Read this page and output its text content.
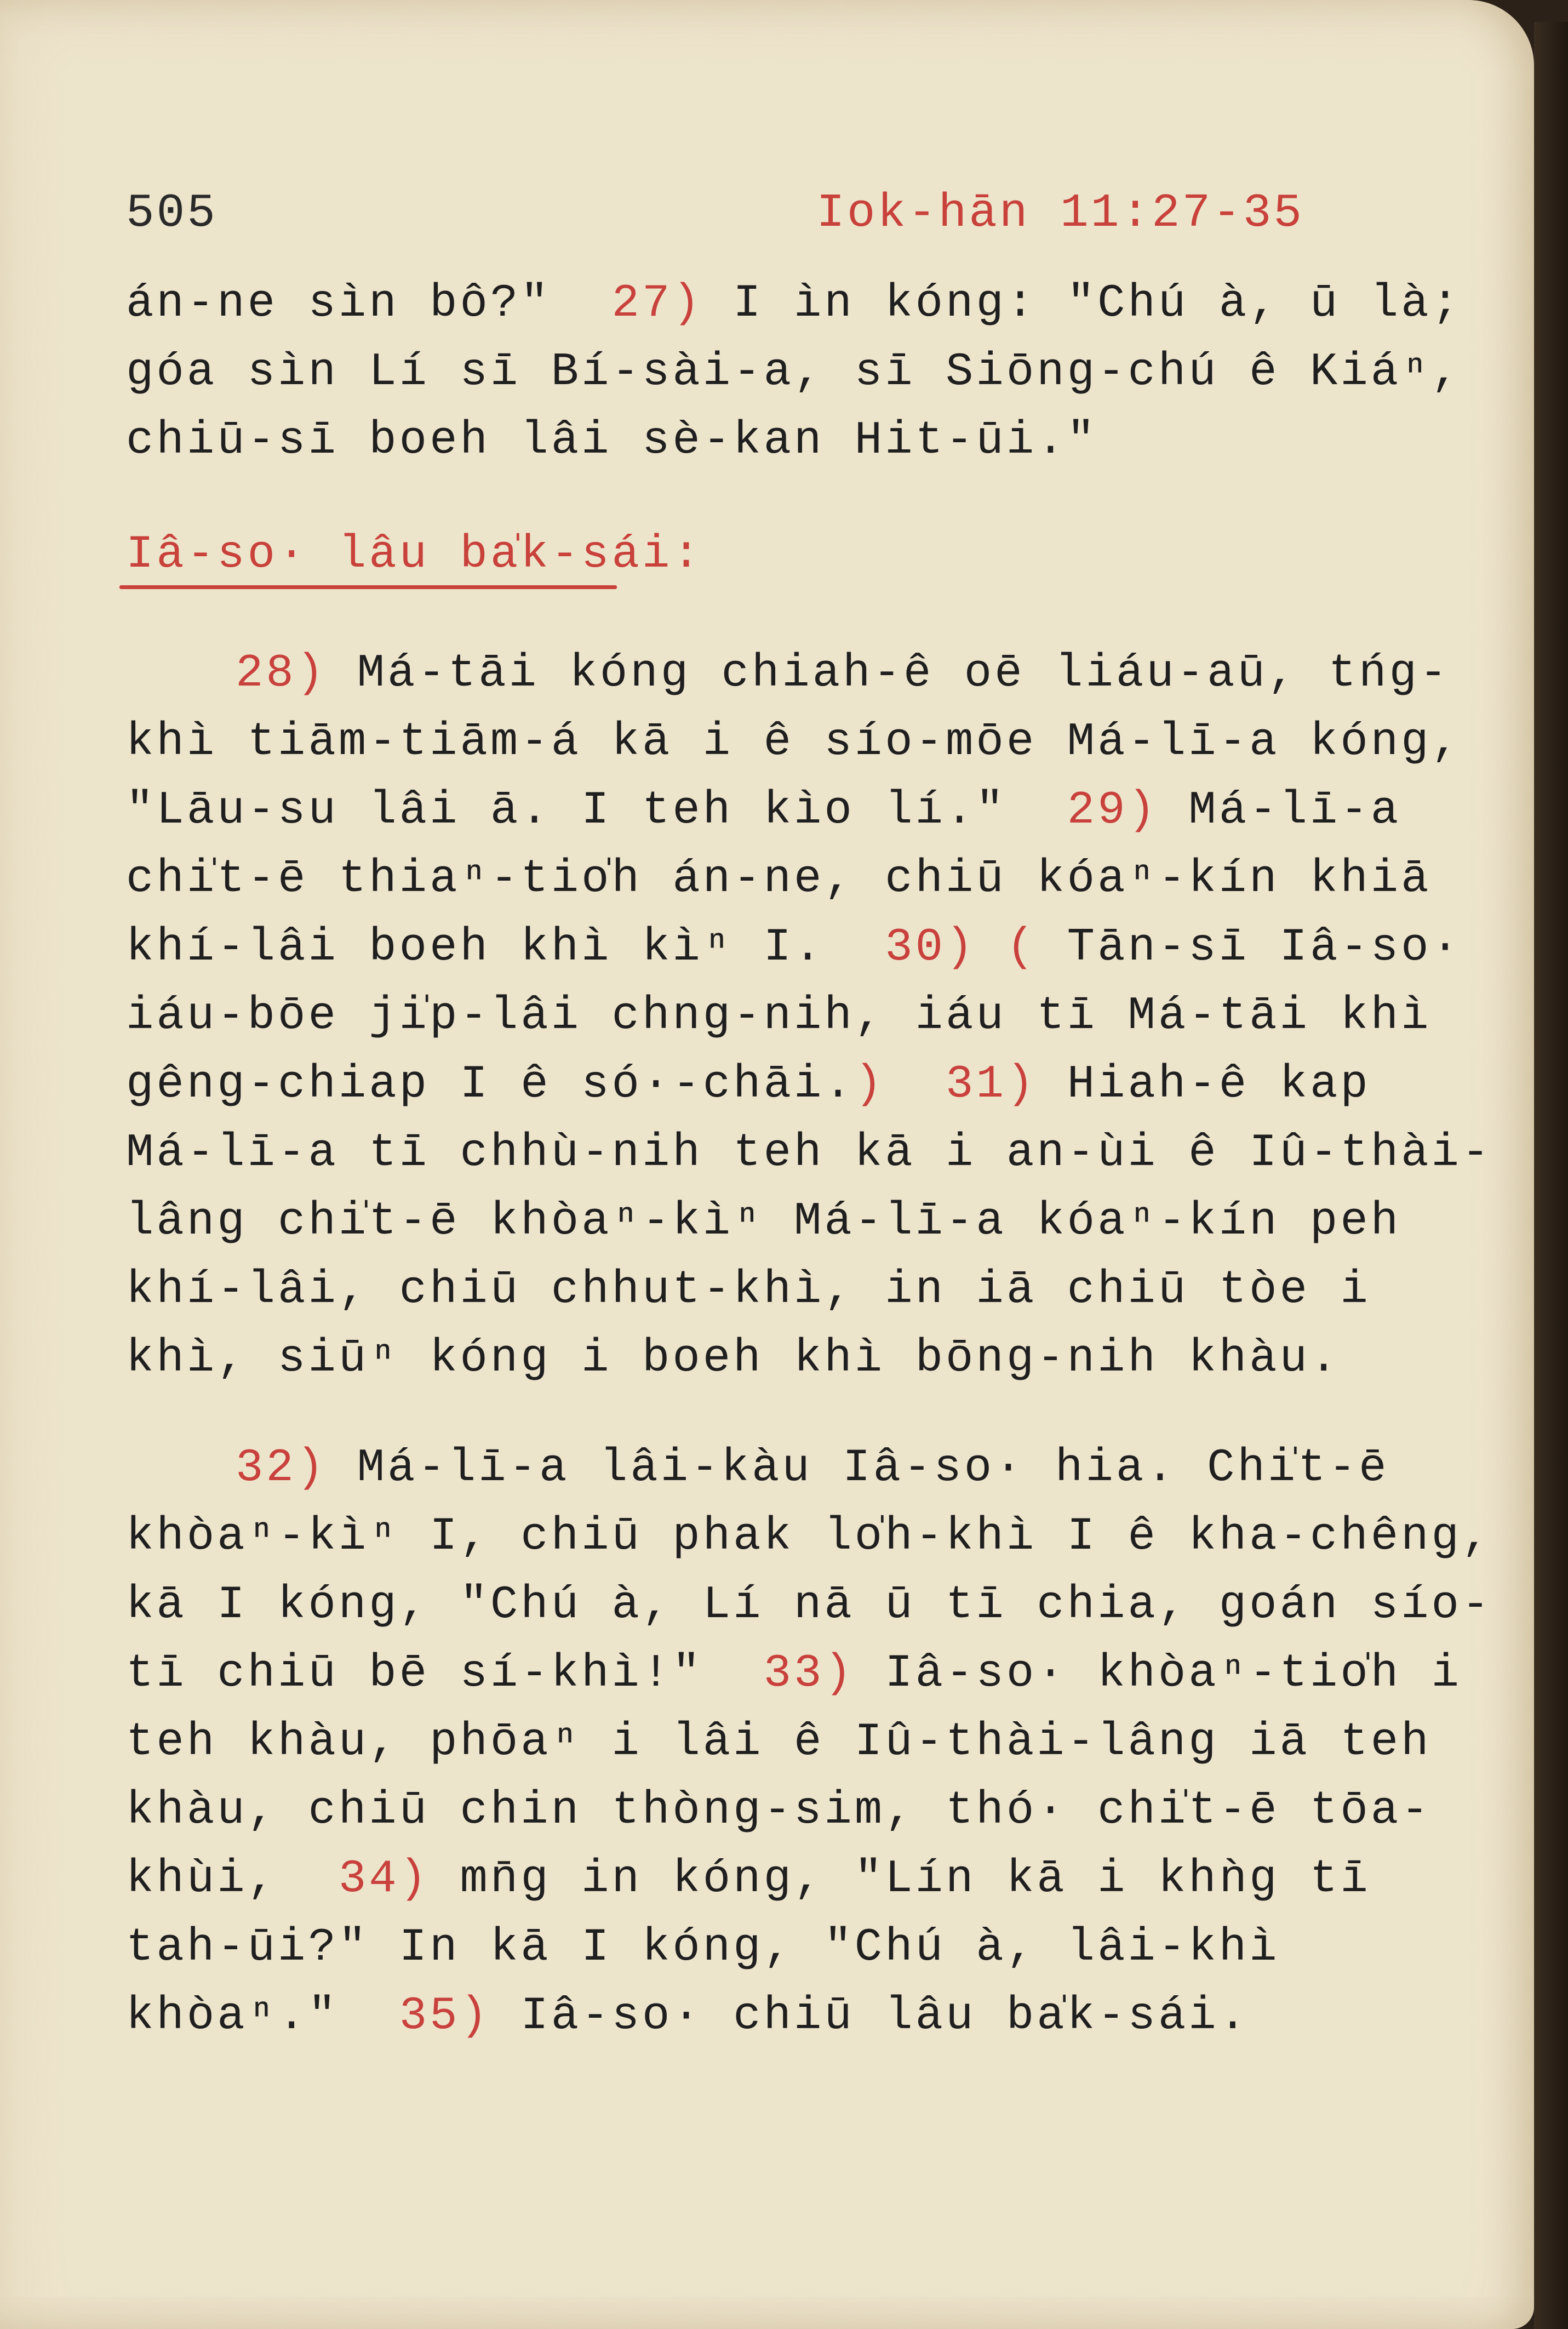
505	Iok-hān 11:27-35
án-ne sìn bô?"  27) I ìn kóng: "Chú à, ū là;
góa sìn Lí sī Bí-sài-a, sī Siōng-chú ê Kiáⁿ,
chiū-sī boeh lâi sè-kan Hit-ūi."
Iâ-so· lâu ba̍k-sái:
28) Má-tāi kóng chiah-ê oē liáu-aū, tńg-
khì tiām-tiām-á kā i ê sío-mōe Má-lī-a kóng,
"Lāu-su lâi ā. I teh kìo lí."  29) Má-lī-a
chi̍t-ē thiaⁿ-tio̍h án-ne, chiū kóaⁿ-kín khiā
khí-lâi boeh khì kìⁿ I.  30) ( Tān-sī Iâ-so·
iáu-bōe ji̍p-lâi chng-nih, iáu tī Má-tāi khì
gêng-chiap I ê só·-chāi.) 31) Hiah-ê kap
Má-lī-a tī chhù-nih teh kā i an-ùi ê Iû-thài-
lâng chi̍t-ē khòaⁿ-kìⁿ Má-lī-a kóaⁿ-kín peh
khí-lâi, chiū chhut-khì, in iā chiū tòe i
khì, siūⁿ kóng i boeh khì bōng-nih khàu.
32) Má-lī-a lâi-kàu Iâ-so· hia. Chi̍t-ē
khòaⁿ-kìⁿ I, chiū phak lo̍h-khì I ê kha-chêng,
kā I kóng, "Chú à, Lí nā ū tī chia, goán sío-
tī chiū bē sí-khì!"  33) Iâ-so· khòaⁿ-tio̍h i
teh khàu, phōaⁿ i lâi ê Iû-thài-lâng iā teh
khàu, chiū chin thòng-sim, thó· chi̍t-ē tōa-
khùi,  34) mn̄g in kóng, "Lín kā i khǹg tī
tah-ūi?" In kā I kóng, "Chú à, lâi-khì
khòaⁿ."  35) Iâ-so· chiū lâu ba̍k-sái.
